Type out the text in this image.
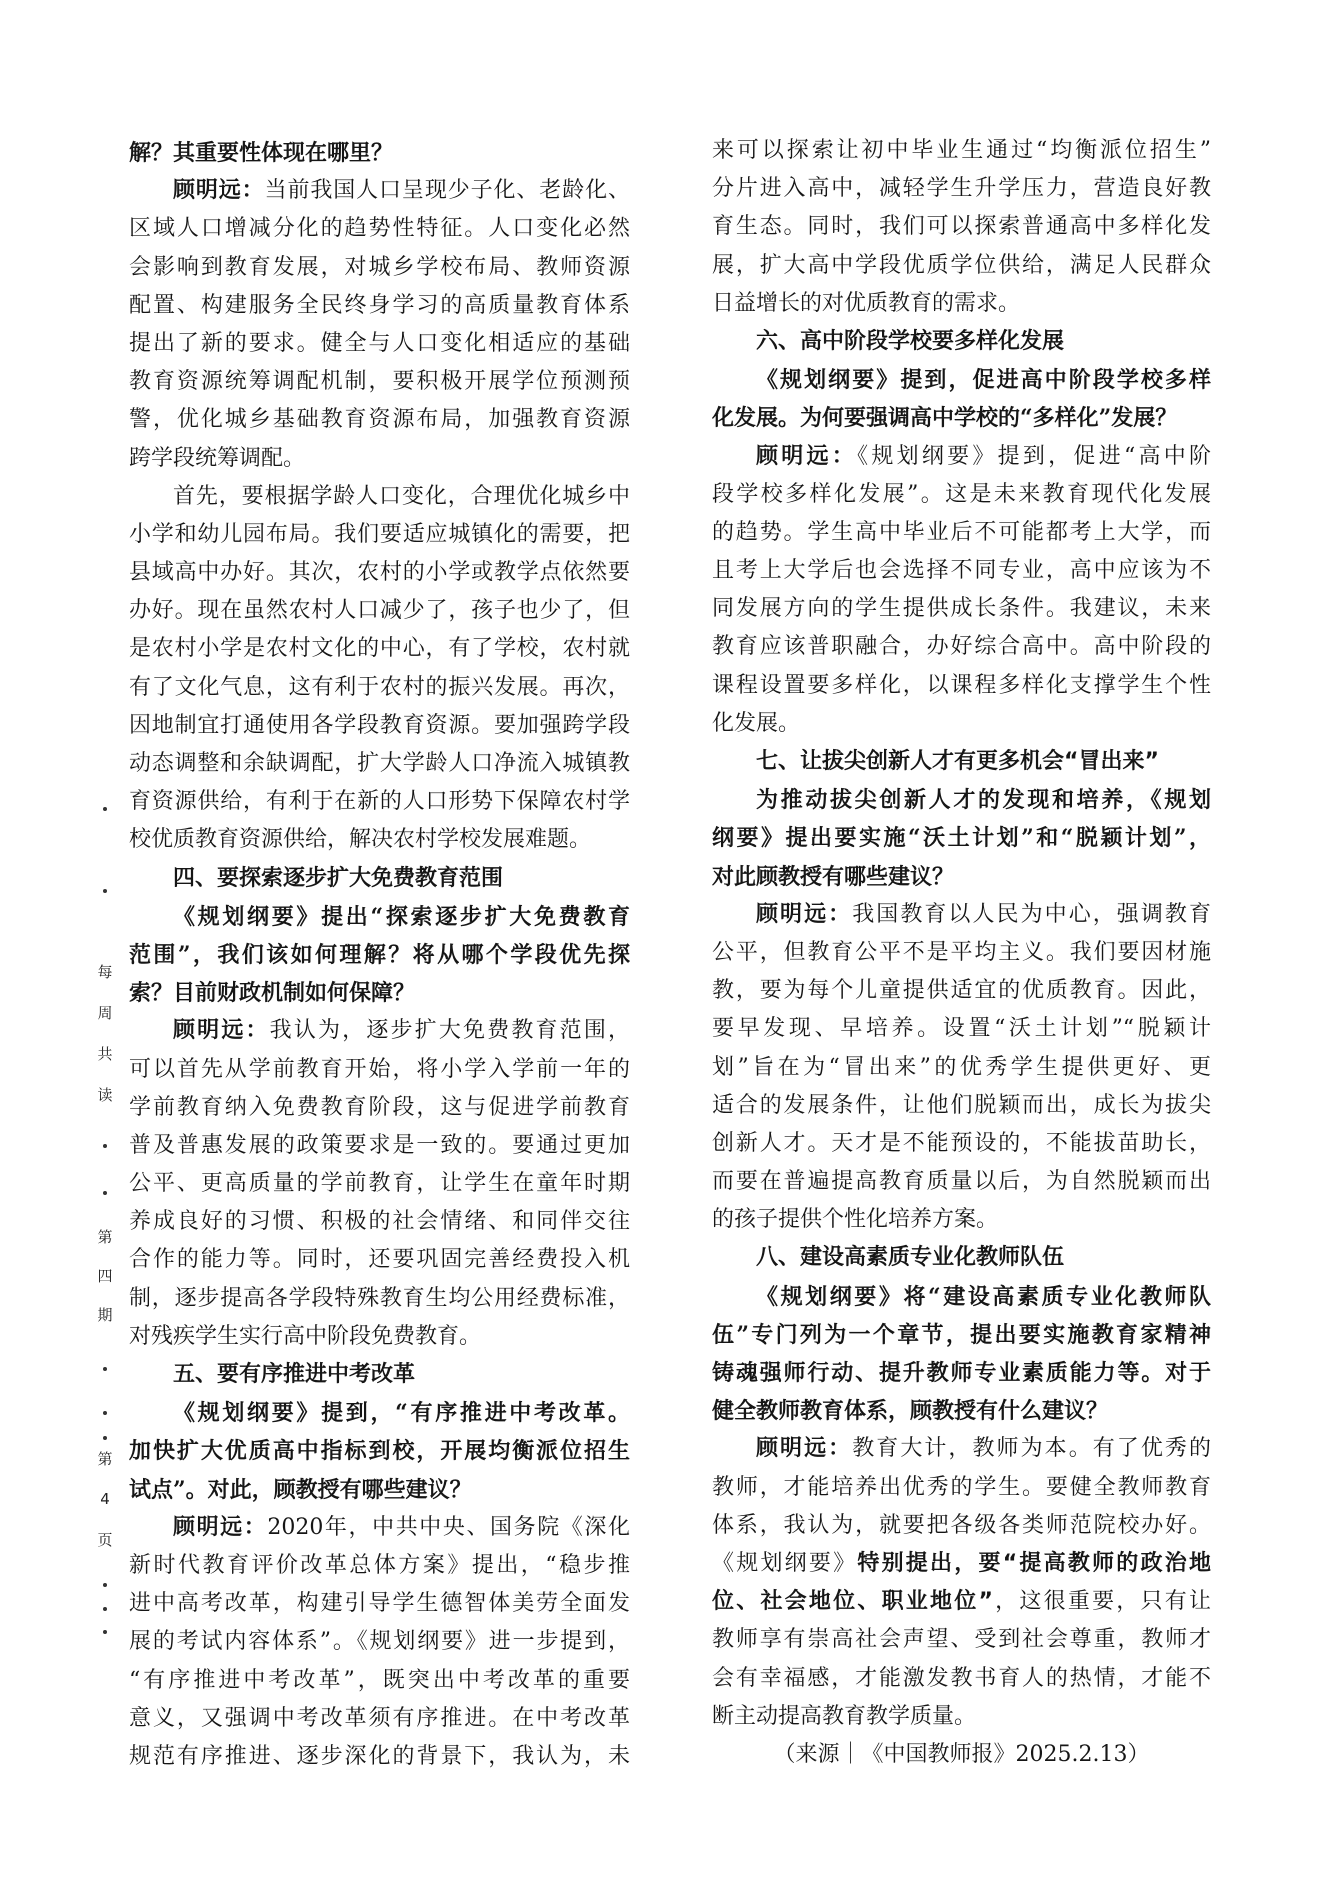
每周共读
第四期
第4页
解？其重要性体现在哪里？
顾明远：当前我国人口呈现少子化、老龄化、
区域人口增减分化的趋势性特征。人口变化必然
会影响到教育发展，对城乡学校布局、教师资源
配置、构建服务全民终身学习的高质量教育体系
提出了新的要求。健全与人口变化相适应的基础
教育资源统筹调配机制，要积极开展学位预测预
警，优化城乡基础教育资源布局，加强教育资源
跨学段统筹调配。
首先，要根据学龄人口变化，合理优化城乡中
小学和幼儿园布局。我们要适应城镇化的需要，把
县域高中办好。其次，农村的小学或教学点依然要
办好。现在虽然农村人口减少了，孩子也少了，但
是农村小学是农村文化的中心，有了学校，农村就
有了文化气息，这有利于农村的振兴发展。再次，
因地制宜打通使用各学段教育资源。要加强跨学段
动态调整和余缺调配，扩大学龄人口净流入城镇教
育资源供给，有利于在新的人口形势下保障农村学
校优质教育资源供给，解决农村学校发展难题。
四、要探索逐步扩大免费教育范围
《规划纲要》提出“探索逐步扩大免费教育
范围”，我们该如何理解？将从哪个学段优先探
索？目前财政机制如何保障？
顾明远：我认为，逐步扩大免费教育范围，
可以首先从学前教育开始，将小学入学前一年的
学前教育纳入免费教育阶段，这与促进学前教育
普及普惠发展的政策要求是一致的。要通过更加
公平、更高质量的学前教育，让学生在童年时期
养成良好的习惯、积极的社会情绪、和同伴交往
合作的能力等。同时，还要巩固完善经费投入机
制，逐步提高各学段特殊教育生均公用经费标准，
对残疾学生实行高中阶段免费教育。
五、要有序推进中考改革
《规划纲要》提到，“有序推进中考改革。
加快扩大优质高中指标到校，开展均衡派位招生
试点”。对此，顾教授有哪些建议？
顾明远：2020年，中共中央、国务院《深化
新时代教育评价改革总体方案》提出，“稳步推
进中高考改革，构建引导学生德智体美劳全面发
展的考试内容体系”。《规划纲要》进一步提到，
“有序推进中考改革”，既突出中考改革的重要
意义，又强调中考改革须有序推进。在中考改革
规范有序推进、逐步深化的背景下，我认为，未
来可以探索让初中毕业生通过“均衡派位招生”
分片进入高中，减轻学生升学压力，营造良好教
育生态。同时，我们可以探索普通高中多样化发
展，扩大高中学段优质学位供给，满足人民群众
日益增长的对优质教育的需求。
六、高中阶段学校要多样化发展
《规划纲要》提到，促进高中阶段学校多样
化发展。为何要强调高中学校的“多样化”发展？
顾明远：《规划纲要》提到，促进“高中阶
段学校多样化发展”。这是未来教育现代化发展
的趋势。学生高中毕业后不可能都考上大学，而
且考上大学后也会选择不同专业，高中应该为不
同发展方向的学生提供成长条件。我建议，未来
教育应该普职融合，办好综合高中。高中阶段的
课程设置要多样化，以课程多样化支撑学生个性
化发展。
七、让拔尖创新人才有更多机会“冒出来”
为推动拔尖创新人才的发现和培养，《规划
纲要》提出要实施“沃土计划”和“脱颖计划”，
对此顾教授有哪些建议？
顾明远：我国教育以人民为中心，强调教育
公平，但教育公平不是平均主义。我们要因材施
教，要为每个儿童提供适宜的优质教育。因此，
要早发现、早培养。设置“沃土计划”“脱颖计
划”旨在为“冒出来”的优秀学生提供更好、更
适合的发展条件，让他们脱颖而出，成长为拔尖
创新人才。天才是不能预设的，不能拔苗助长，
而要在普遍提高教育质量以后，为自然脱颖而出
的孩子提供个性化培养方案。
八、建设高素质专业化教师队伍
《规划纲要》将“建设高素质专业化教师队
伍”专门列为一个章节，提出要实施教育家精神
铸魂强师行动、提升教师专业素质能力等。对于
健全教师教育体系，顾教授有什么建议？
顾明远：教育大计，教师为本。有了优秀的
教师，才能培养出优秀的学生。要健全教师教育
体系，我认为，就要把各级各类师范院校办好。
《规划纲要》特别提出，要“提高教师的政治地
位、社会地位、职业地位”，这很重要，只有让
教师享有崇高社会声望、受到社会尊重，教师才
会有幸福感，才能激发教书育人的热情，才能不
断主动提高教育教学质量。
（来源｜《中国教师报》2025.2.13）
